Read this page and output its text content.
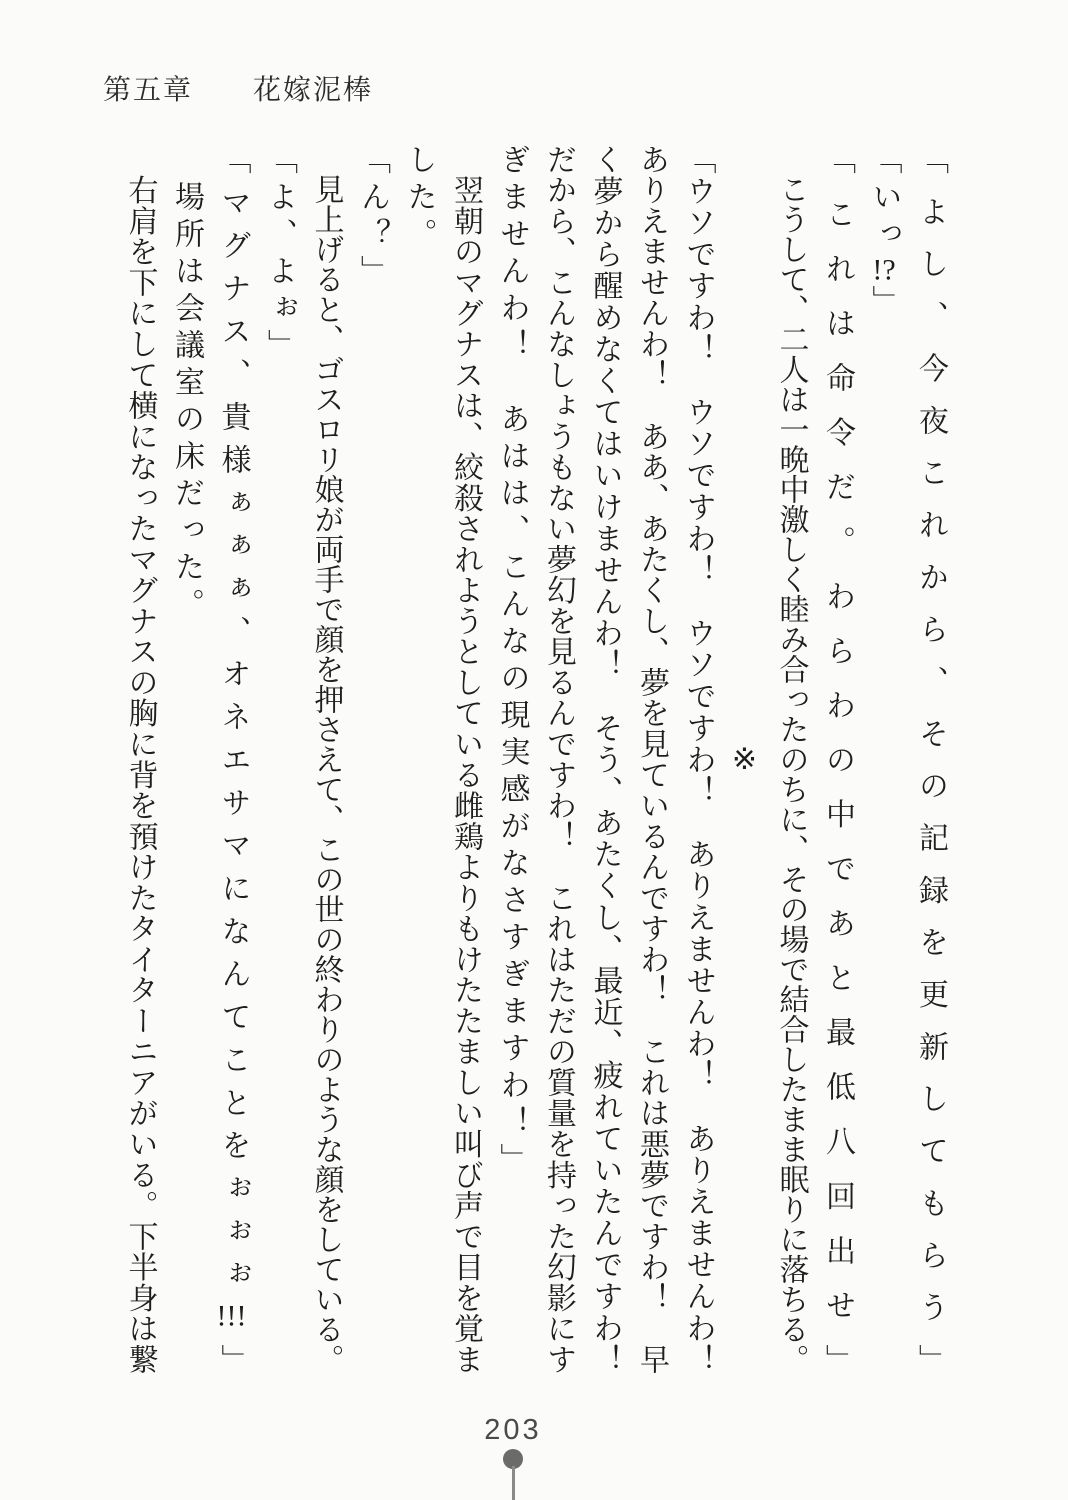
第五章　　花嫁泥棒

「よし、今夜これから、その記録を更新してもらう」

「いっ!?」

「これは命令だ。わらわの中であと最低八回出せ」

　こうして、二人は一晩中激しく睦み合ったのちに、その場で結合したまま眠りに落ちる。

※

「ウソですわ！　ウソですわ！　ウソですわ！　ありえませんわ！　ありえませんわ！

ありえませんわ！　ああ、あたくし、夢を見ているんですわ！　これは悪夢ですわ！　早

く夢から醒めなくてはいけませんわ！　そう、あたくし、最近、疲れていたんですわ！

だから、こんなしょうもない夢幻を見るんですわ！　これはただの質量を持った幻影にす

ぎませんわ！　あはは、こんなの現実感がなさすぎますわ！」

　翌朝のマグナスは、絞殺されようとしている雌鶏よりもけたたましい叫び声で目を覚ま

した。

「ん？」

　見上げると、ゴスロリ娘が両手で顔を押さえて、この世の終わりのような顔をしている。

「よ、よぉ」

「マグナス、貴様ぁぁぁ、オネエサマになんてことをぉぉぉ!!!」

　場所は会議室の床だった。

　右肩を下にして横になったマグナスの胸に背を預けたタイターニアがいる。下半身は繋

203
